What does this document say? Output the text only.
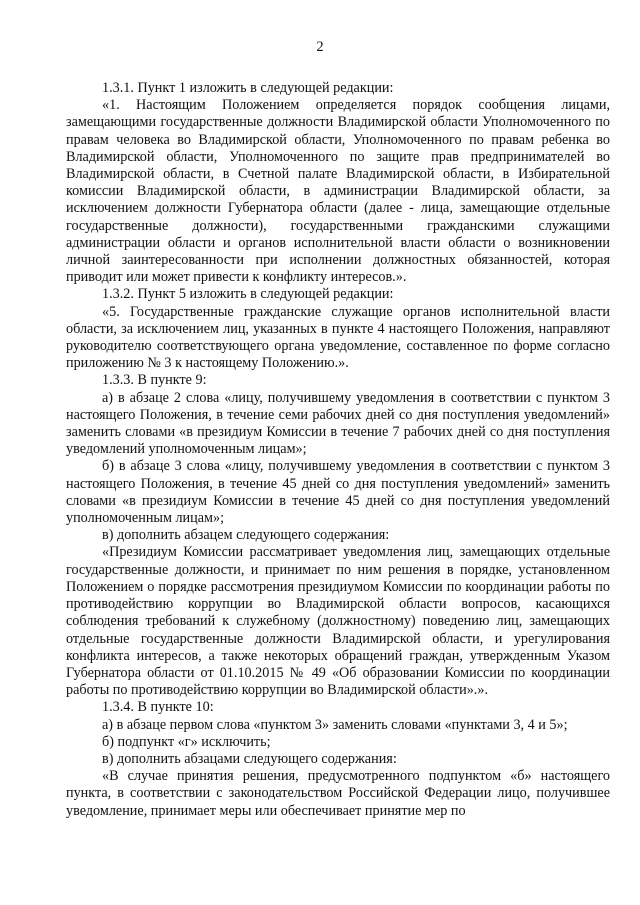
2

1.3.1. Пункт 1 изложить в следующей редакции:

«1. Настоящим Положением определяется порядок сообщения лицами, замещающими государственные должности Владимирской области Уполномоченного по правам человека во Владимирской области, Уполномоченного по правам ребенка во Владимирской области, Уполномоченного по защите прав предпринимателей во Владимирской области, в Счетной палате Владимирской области, в Избирательной комиссии Владимирской области, в администрации Владимирской области, за исключением должности Губернатора области (далее - лица, замещающие отдельные государственные должности), государственными гражданскими служащими администрации области и органов исполнительной власти области о возникновении личной заинтересованности при исполнении должностных обязанностей, которая приводит или может привести к конфликту интересов.».

1.3.2. Пункт 5 изложить в следующей редакции:

«5. Государственные гражданские служащие органов исполнительной власти области, за исключением лиц, указанных в пункте 4 настоящего Положения, направляют руководителю соответствующего органа уведомление, составленное по форме согласно приложению № 3 к настоящему Положению.».

1.3.3. В пункте 9:

а) в абзаце 2 слова «лицу, получившему уведомления в соответствии с пунктом 3 настоящего Положения, в течение семи рабочих дней со дня поступления уведомлений» заменить словами «в президиум Комиссии в течение 7 рабочих дней со дня поступления уведомлений уполномоченным лицам»;

б) в абзаце 3 слова «лицу, получившему уведомления в соответствии с пунктом 3 настоящего Положения, в течение 45 дней со дня поступления уведомлений» заменить словами «в президиум Комиссии в течение 45 дней со дня поступления уведомлений уполномоченным лицам»;

в) дополнить абзацем следующего содержания:

«Президиум Комиссии рассматривает уведомления лиц, замещающих отдельные государственные должности, и принимает по ним решения в порядке, установленном Положением о порядке рассмотрения президиумом Комиссии по координации работы по противодействию коррупции во Владимирской области вопросов, касающихся соблюдения требований к служебному (должностному) поведению лиц, замещающих отдельные государственные должности Владимирской области, и урегулирования конфликта интересов, а также некоторых обращений граждан, утвержденным Указом Губернатора области от 01.10.2015 № 49 «Об образовании Комиссии по координации работы по противодействию коррупции во Владимирской области».».

1.3.4. В пункте 10:

а) в абзаце первом слова «пунктом 3» заменить словами «пунктами 3, 4 и 5»;

б) подпункт «г» исключить;

в) дополнить абзацами следующего содержания:

«В случае принятия решения, предусмотренного подпунктом «б» настоящего пункта, в соответствии с законодательством Российской Федерации лицо, получившее уведомление, принимает меры или обеспечивает принятие мер по
